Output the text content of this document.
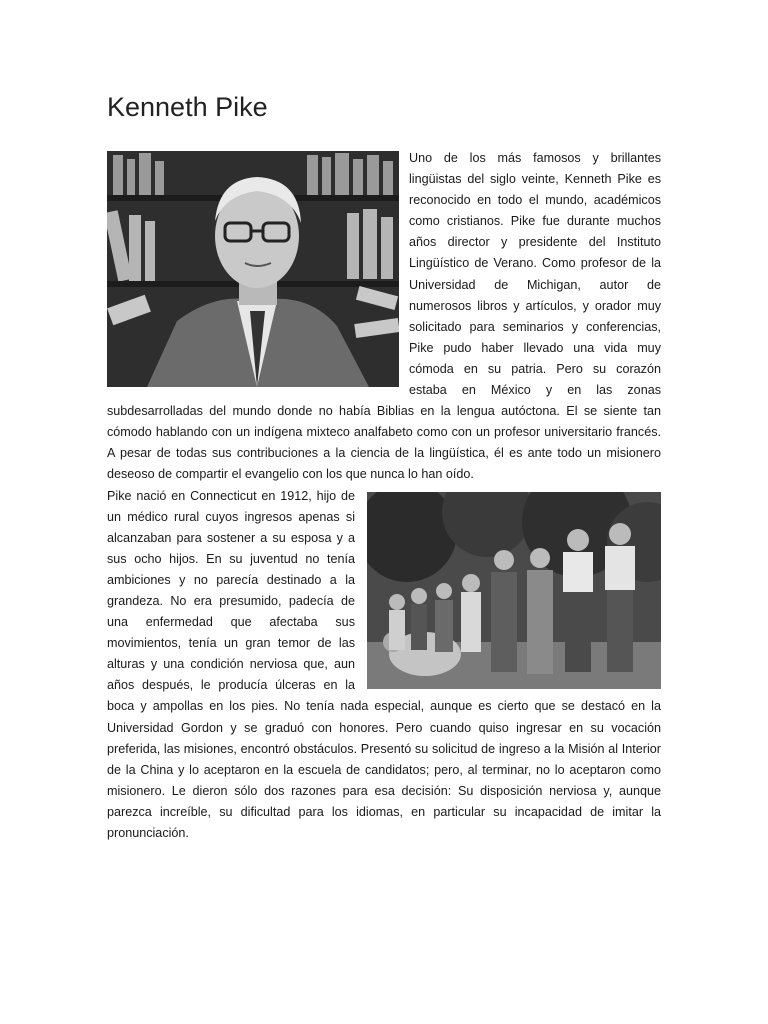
Kenneth Pike

Uno de los más famosos y brillantes lingüistas del siglo veinte, Kenneth Pike es reconocido en todo el mundo, académicos como cristianos. Pike fue durante muchos años director y presidente del Instituto Lingüístico de Verano. Como profesor de la Universidad de Michigan, autor de numerosos libros y artículos, y orador muy solicitado para seminarios y conferencias, Pike pudo haber llevado una vida muy cómoda en su patria. Pero su corazón estaba en México y en las zonas subdesarrolladas del mundo donde no había Biblias en la lengua autóctona. El se siente tan cómodo hablando con un indígena mixteco analfabeto como con un profesor universitario francés. A pesar de todas sus contribuciones a la ciencia de la lingüística, él es ante todo un misionero deseoso de compartir el evangelio con los que nunca lo han oído.

Pike nació en Connecticut en 1912, hijo de un médico rural cuyos ingresos apenas si alcanzaban para sostener a su esposa y a sus ocho hijos. En su juventud no tenía ambiciones y no parecía destinado a la grandeza. No era presumido, padecía de una enfermedad que afectaba sus movimientos, tenía un gran temor de las alturas y una condición nerviosa que, aun años después, le producía úlceras en la boca y ampollas en los pies. No tenía nada especial, aunque es cierto que se destacó en la Universidad Gordon y se graduó con honores. Pero cuando quiso ingresar en su vocación preferida, las misiones, encontró obstáculos. Presentó su solicitud de ingreso a la Misión al Interior de la China y lo aceptaron en la escuela de candidatos; pero, al terminar, no lo aceptaron como misionero. Le dieron sólo dos razones para esa decisión: Su disposición nerviosa y, aunque parezca increíble, su dificultad para los idiomas, en particular su incapacidad de imitar la pronunciación.
